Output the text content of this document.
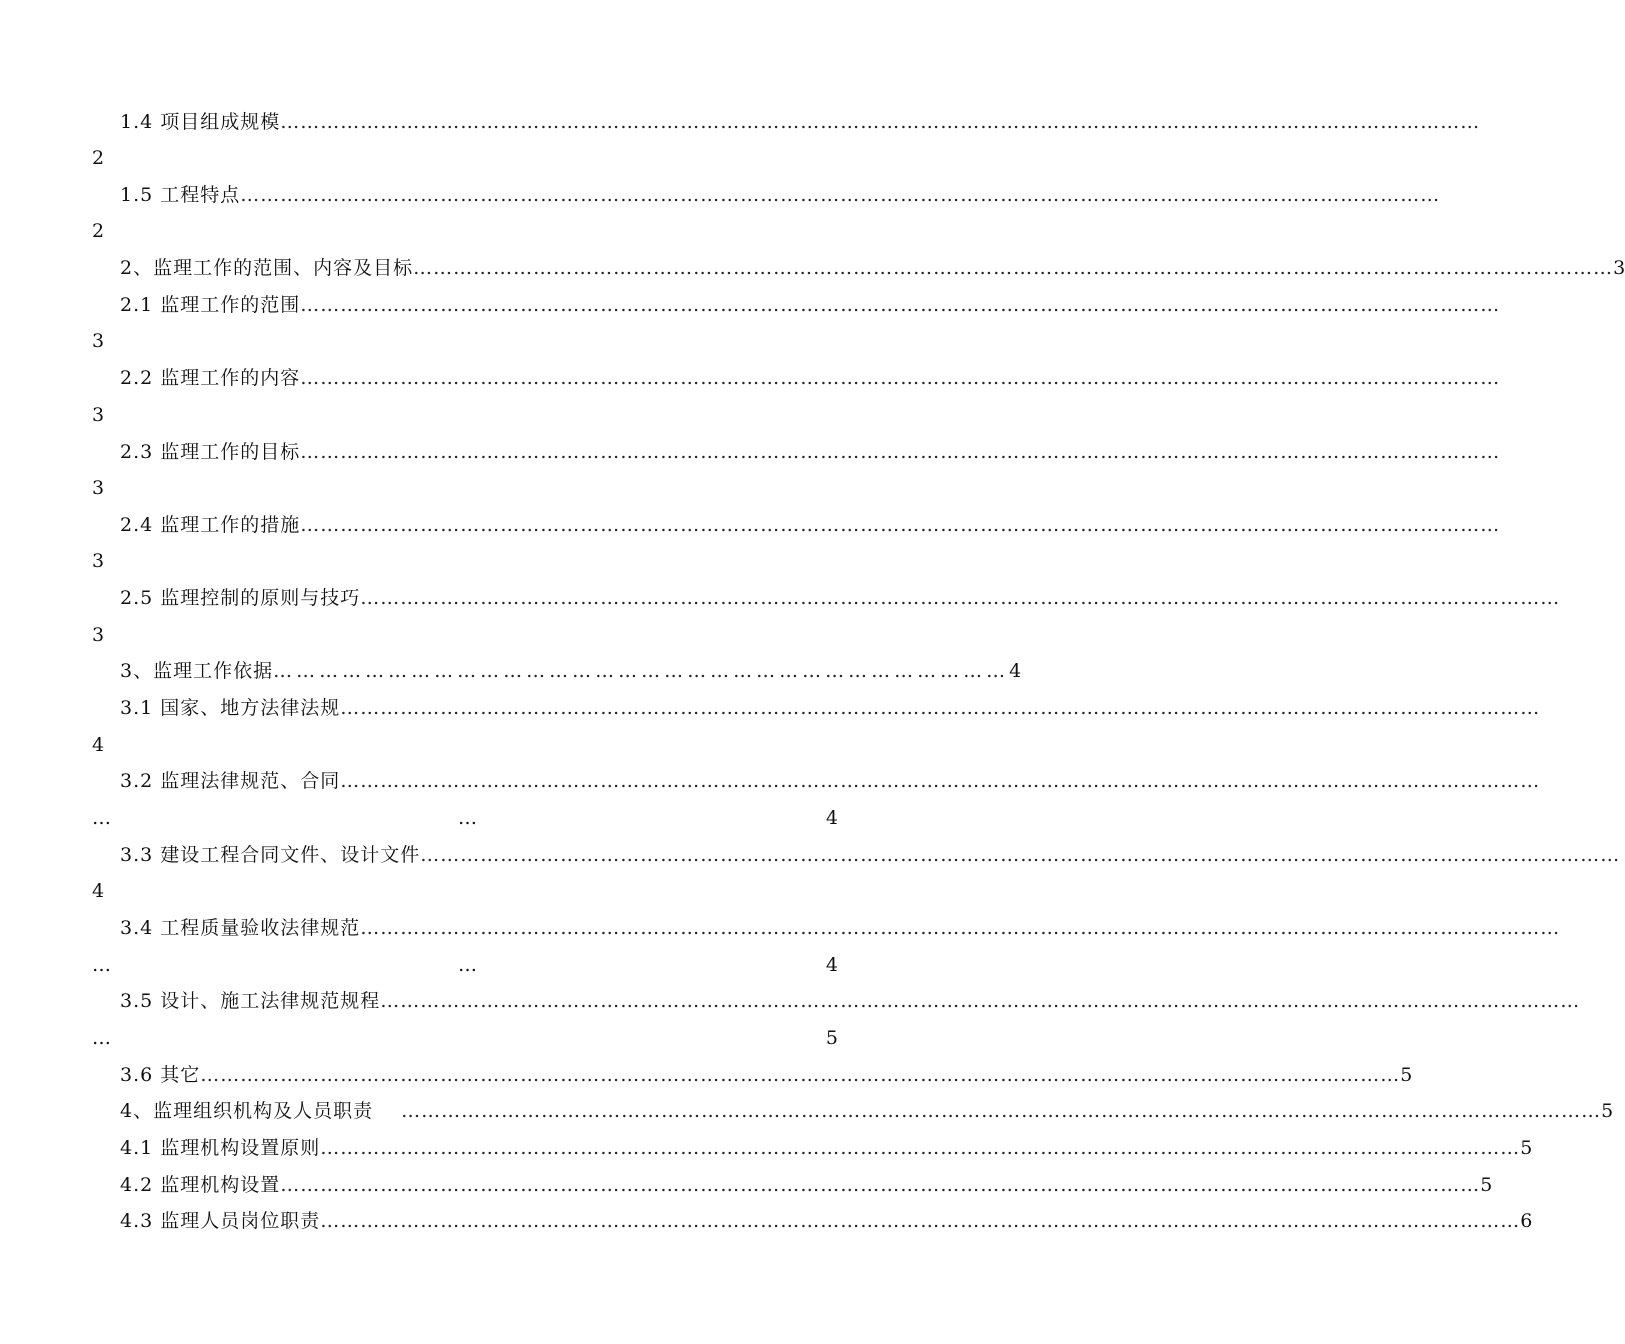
1.4 项目组成规模 ………………………………………………………………………………………………………………………………………………………………
2
1.5 工程特点 ………………………………………………………………………………………………………………………………………………………………
2
2、监理工作的范围、内容及目标 ……………………………………………………………………………………………………………………………………………………………… 3
2.1 监理工作的范围 ………………………………………………………………………………………………………………………………………………………………
3
2.2 监理工作的内容 ………………………………………………………………………………………………………………………………………………………………
3
2.3 监理工作的目标 ………………………………………………………………………………………………………………………………………………………………
3
2.4 监理工作的措施 ………………………………………………………………………………………………………………………………………………………………
3
2.5 监理控制的原则与技巧 ………………………………………………………………………………………………………………………………………………………………
3
3、监理工作依据 …………………………………………………………………………………… 4
3.1 国家、地方法律法规 ………………………………………………………………………………………………………………………………………………………………
4
3.2 监理法律规范、合同 ………………………………………………………………………………………………………………………………………………………………
…	…	4
3.3 建设工程合同文件、设计文件 ………………………………………………………………………………………………………………………………………………………………
4
3.4 工程质量验收法律规范 ………………………………………………………………………………………………………………………………………………………………
…	…	4
3.5 设计、施工法律规范规程 ………………………………………………………………………………………………………………………………………………………………
…	5
3.6 其它 ……………………………………………………………………………………………………………………………………………………………… 5
4、监理组织机构及人员职责 ……………………………………………………………………………………………………………………………………………………………… 5
4.1 监理机构设置原则 ……………………………………………………………………………………………………………………………………………………………… 5
4.2 监理机构设置 ……………………………………………………………………………………………………………………………………………………………… 5
4.3 监理人员岗位职责 ……………………………………………………………………………………………………………………………………………………………… 6
